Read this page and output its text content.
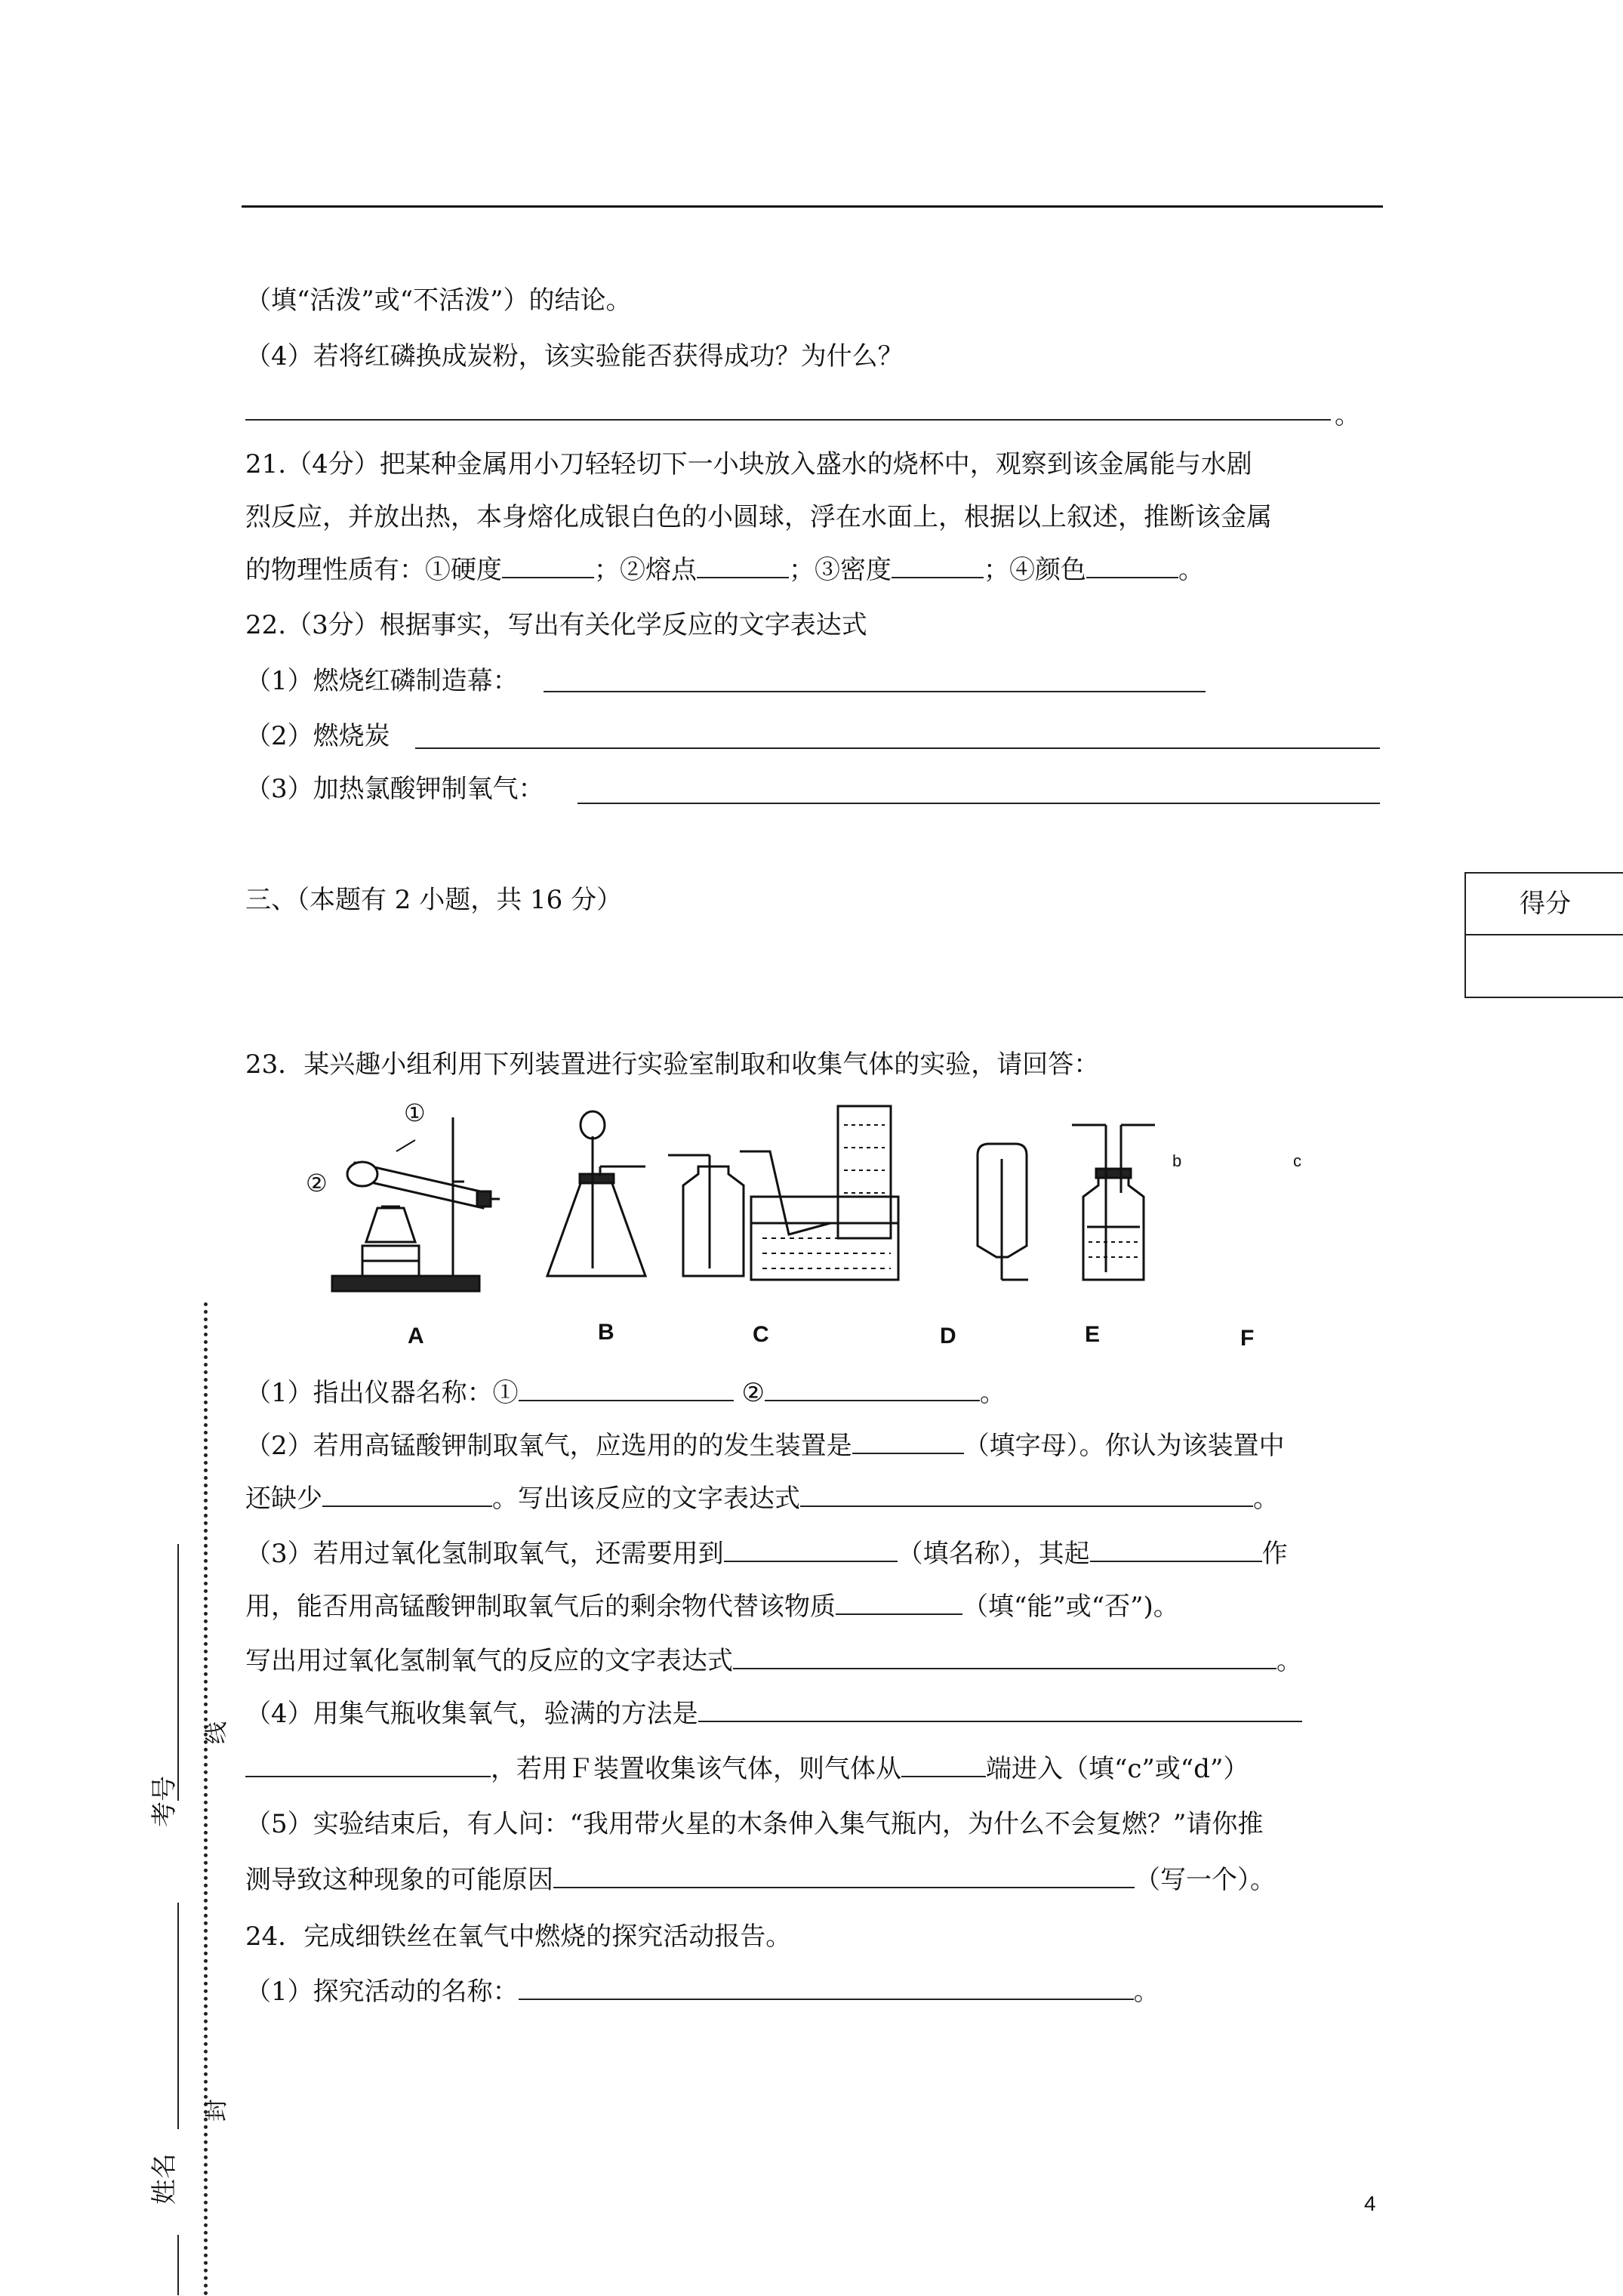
（填“活泼”或“不活泼”）的结论。
（4）若将红磷换成炭粉，该实验能否获得成功？为什么？
。
21.（4分）把某种金属用小刀轻轻切下一小块放入盛水的烧杯中，观察到该金属能与水剧
烈反应，并放出热，本身熔化成银白色的小圆球，浮在水面上，根据以上叙述，推断该金属
的物理性质有：①硬度	；②熔点	；③密度	；④颜色	。
22.（3分）根据事实，写出有关化学反应的文字表达式
（1）燃烧红磷制造幕：
（2）燃烧炭
（3）加热氯酸钾制氧气：
三、（本题有 2 小题，共 16 分）	得分
23．某兴趣小组利用下列装置进行实验室制取和收集气体的实验，请回答：
①
②
b	c
A	B	C	D	E	F
（1）指出仪器名称：①	②	。
（2）若用高锰酸钾制取氧气，应选用的的发生装置是	（填字母）。你认为该装置中
还缺少	。写出该反应的文字表达式	。
（3）若用过氧化氢制取氧气，还需要用到	（填名称），其起	作
用，能否用高锰酸钾制取氧气后的剩余物代替该物质	（填“能”或“否”)。
写出用过氧化氢制氧气的反应的文字表达式	。
（4）用集气瓶收集氧气，验满的方法是
，若用Ｆ装置收集该气体，则气体从	端进入（填“c”或“d”）
（5）实验结束后，有人问：“我用带火星的木条伸入集气瓶内，为什么不会复燃？”请你推
测导致这种现象的可能原因	（写一个）。
24．完成细铁丝在氧气中燃烧的探究活动报告。
（1）探究活动的名称：	。
考号
姓名
线
封
4
